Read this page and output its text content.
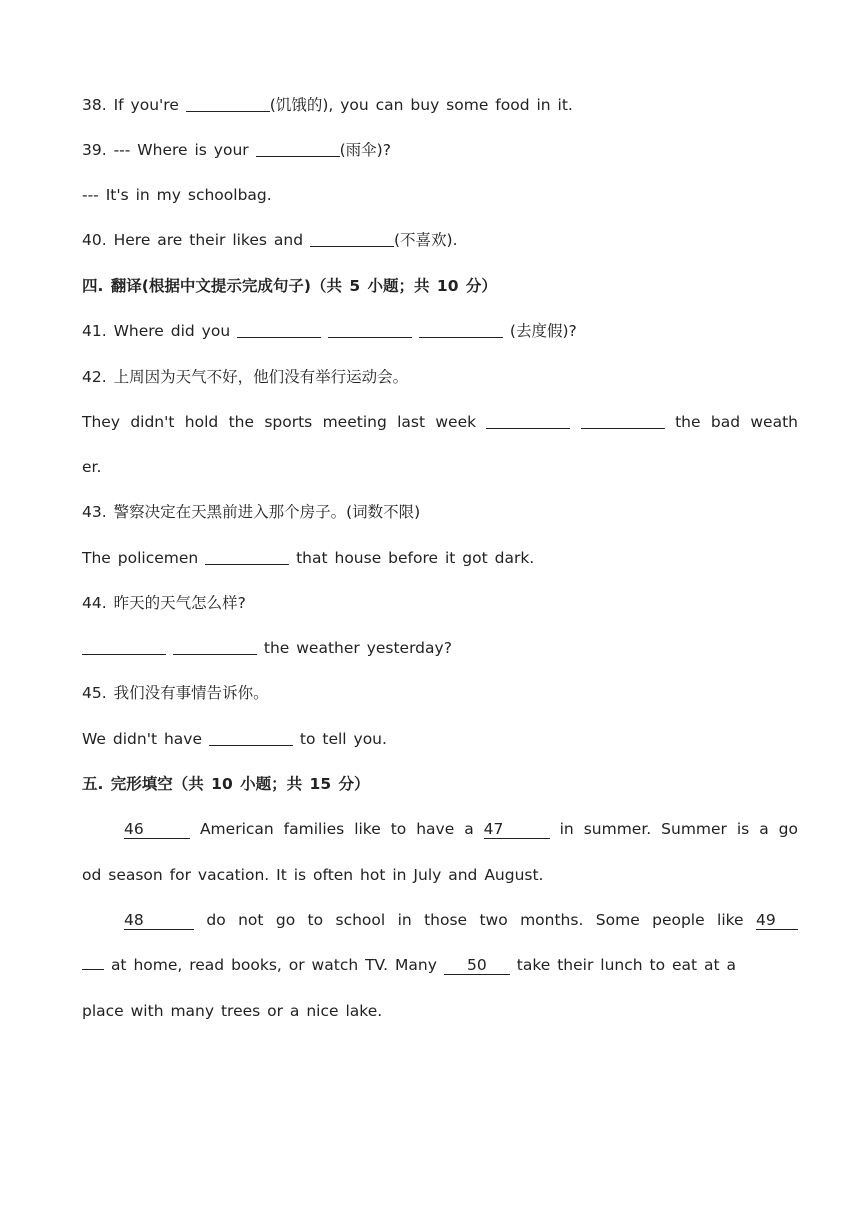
38. If you're	(饥饿的), you can buy some food in it.
39. --- Where is your	(雨伞)?
--- It's in my schoolbag.
40. Here are their likes and	(不喜欢).
四. 翻译(根据中文提示完成句子)（共 5 小题；共 10 分）
41. Where did you	(去度假)?
42. 上周因为天气不好，他们没有举行运动会。
They didn't hold the sports meeting last week	the bad weath
er.
43. 警察决定在天黑前进入那个房子。(词数不限)
The policemen	that house before it got dark.
44. 昨天的天气怎么样?
the weather yesterday?
45. 我们没有事情告诉你。
We didn't have	to tell you.
五. 完形填空（共 10 小题；共 15 分）
46	American families like to have a 47	in summer. Summer is a go
od season for vacation. It is often hot in July and August.
48	do not go to school in those two months. Some people like 49
at home, read books, or watch TV. Many 50 take their lunch to eat at a
place with many trees or a nice lake.
